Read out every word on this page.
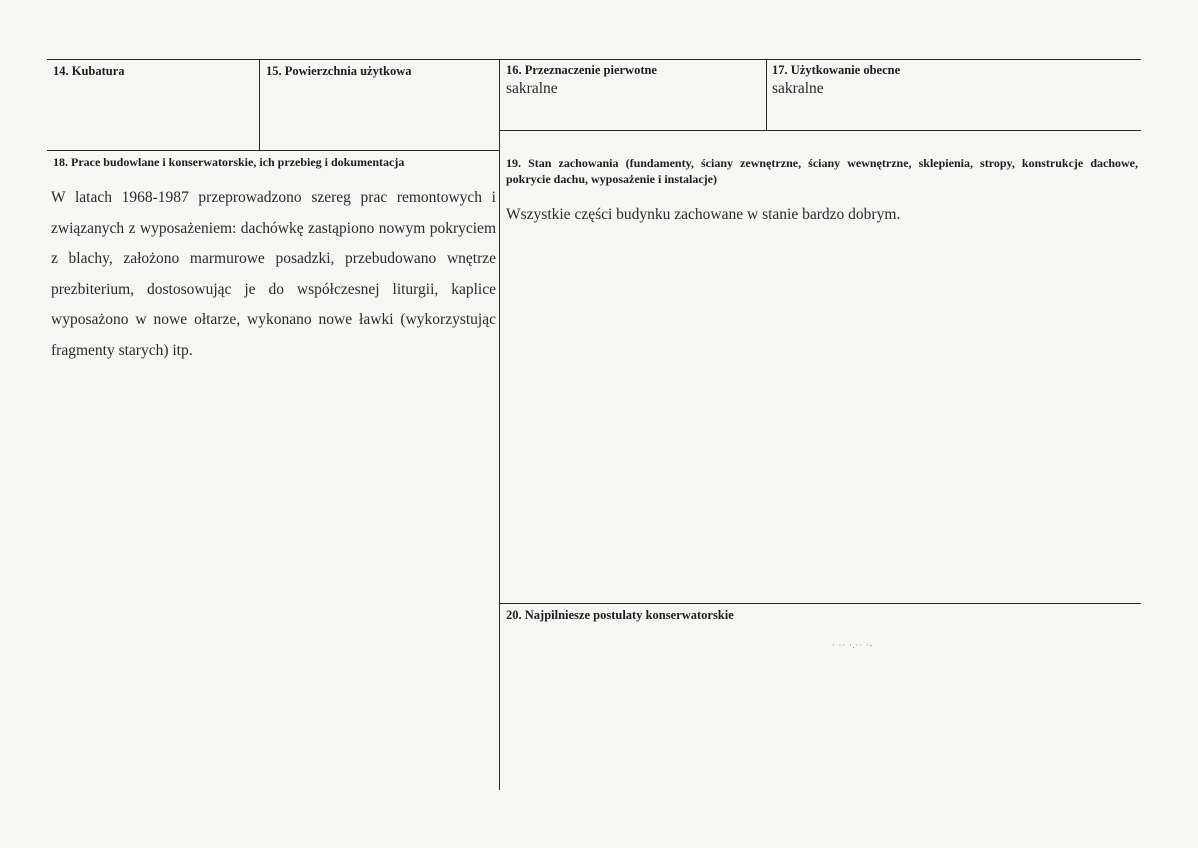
14. Kubatura	15. Powierzchnia użytkowa	16. Przeznaczenie pierwotne
sakralne
17. Użytkowanie obecne
sakralne
18. Prace budowlane i konserwatorskie, ich przebieg i dokumentacja
W latach 1968-1987 przeprowadzono szereg prac remontowych i związanych z wyposażeniem: dachówkę zastąpiono nowym pokryciem z blachy, założono marmurowe posadzki, przebudowano wnętrze prezbiterium, dostosowując je do współczesnej liturgii, kaplice wyposażono w nowe ołtarze, wykonano nowe ławki (wykorzystując fragmenty starych) itp.
19. Stan zachowania (fundamenty, ściany zewnętrzne, ściany wewnętrzne, sklepienia, stropy, konstrukcje dachowe, pokrycie dachu, wyposażenie i instalacje)
Wszystkie części budynku zachowane w stanie bardzo dobrym.
20. Najpilniesze postulaty konserwatorskie
· ·· ·.·· ·-
